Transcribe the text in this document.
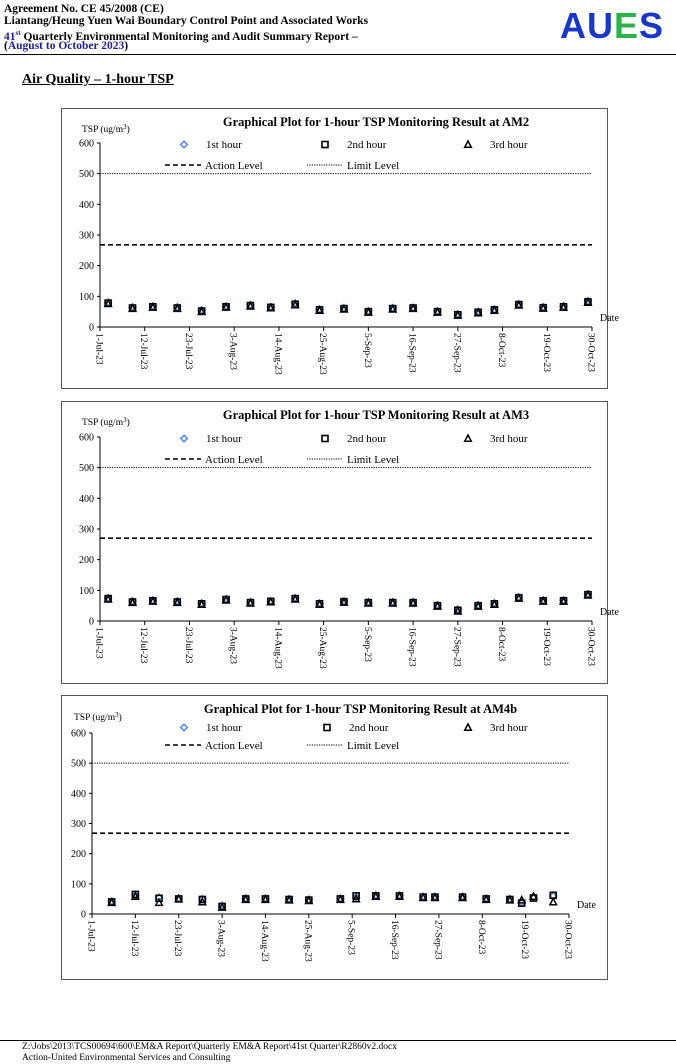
Agreement No. CE 45/2008 (CE)
Liantang/Heung Yuen Wai Boundary Control Point and Associated Works
41st Quarterly Environmental Monitoring and Audit Summary Report –
(August to October 2023)	AUES
Air Quality – 1-hour TSP
Graphical Plot for 1-hour TSP Monitoring Result at AM2
TSP $(ug/m^3)$
0
100
200
300
400
500
600
1-Jul-23	12-Jul-23	23-Jul-23	3-Aug-23	14-Aug-23	25-Aug-23	5-Sep-23	16-Sep-23	27-Sep-23	8-Oct-23	19-Oct-23	30-Oct-23
Date
1st hour	2nd hour	3rd hour
Action Level	Limit Level
Graphical Plot for 1-hour TSP Monitoring Result at AM3
TSP $(ug/m^3)$
0
100
200
300
400
500
600
1-Jul-23	12-Jul-23	23-Jul-23	3-Aug-23	14-Aug-23	25-Aug-23	5-Sep-23	16-Sep-23	27-Sep-23	8-Oct-23	19-Oct-23	30-Oct-23
Date
1st hour	2nd hour	3rd hour
Action Level	Limit Level
Graphical Plot for 1-hour TSP Monitoring Result at AM4b
TSP $(ug/m^3)$
0
100
200
300
400
500
600
1-Jul-23	12-Jul-23	23-Jul-23	3-Aug-23	14-Aug-23	25-Aug-23	5-Sep-23	16-Sep-23	27-Sep-23	8-Oct-23	19-Oct-23	30-Oct-23
Date
1st hour	2nd hour	3rd hour
Action Level	Limit Level
Z:\Jobs\2013\TCS00694\600\EM&A Report\Quarterly EM&A Report\41st Quarter\R2860v2.docx
Action-United Environmental Services and Consulting
